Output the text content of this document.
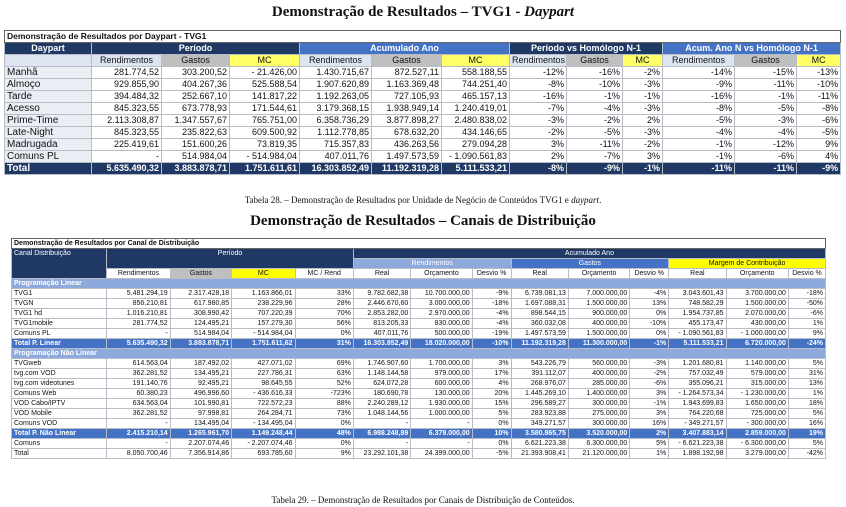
Demonstração de Resultados – TVG1 - Daypart
Demonstração de Resultados por Daypart - TVG1												
Daypart	Período			Acumulado Ano			Período vs Homólogo N-1			Acum. Ano N vs Homólogo N-1		
	Rendimentos	Gastos	MC	Rendimentos	Gastos	MC	Rendimentos	Gastos	MC	Rendimentos	Gastos	MC
Manhã	281.774,52	303.200,52	- 21.426,00	1.430.715,67	872.527,11	558.188,55	-12%	-16%	-2%	-14%	-15%	-13%
Almoço	929.855,90	404.267,36	525.588,54	1.907.620,89	1.163.369,48	744.251,40	-8%	-10%	-3%	-9%	-11%	-10%
Tarde	394.484,32	252.667,10	141.817,22	1.192.263,05	727.105,93	465.157,13	-16%	-1%	-1%	-16%	-1%	-11%
Acesso	845.323,55	673.778,93	171.544,61	3.179.368,15	1.938.949,14	1.240.419,01	-7%	-4%	-3%	-8%	-5%	-8%
Prime-Time	2.113.308,87	1.347.557,67	765.751,00	6.358.736,29	3.877.898,27	2.480.838,02	-3%	-2%	2%	-5%	-3%	-6%
Late-Night	845.323,55	235.822,63	609.500,92	1.112.778,85	678.632,20	434.146,65	-2%	-5%	-3%	-4%	-4%	-5%
Madrugada	225.419,61	151.600,26	73.819,35	715.357,83	436.263,56	279.094,28	3%	-11%	-2%	-1%	-12%	9%
Comuns PL	-	514.984,04	- 514.984,04	407.011,76	1.497.573,59	- 1.090.561,83	2%	-7%	3%	-1%	-6%	4%
Total	5.635.490,32	3.883.878,71	1.751.611,61	16.303.852,49	11.192.319,28	5.111.533,21	-8%	-9%	-1%	-11%	-11%	-9%
Tabela 28. – Demonstração de Resultados por Unidade de Negócio de Conteúdos TVG1 e daypart.
Demonstração de Resultados – Canais de Distribuição
Demonstração de Resultados por Canal de Distribuição													
Canal Distribuição	Período				Acumulado Ano								
					Rendimentos			Gastos			Margem de Contribuição		
	Rendimentos	Gastos	MC	MC / Rend	Real	Orçamento	Desvio %	Real	Orçamento	Desvio %	Real	Orçamento	Desvio %
Programação Linear													
TVG1	5.481.294,19	2.317.428,18	1.163.866,01	33%	9.782.682,38	10.700.000,00	-9%	6.739.081,13	7.000.000,00	-4%	3.043.601,43	3.700.000,00	-18%
TVGN	856.210,81	617.980,85	238.229,96	28%	2.446.670,60	3.000.000,00	-18%	1.697.088,31	1.500.000,00	13%	748.582,29	1.500.000,00	-50%
TVG1 hd	1.016.210,81	308.990,42	707.220,39	70%	2.853.282,00	2.970.000,00	-4%	898.544,15	900.000,00	0%	1.954.737,85	2.070.000,00	-6%
TVG1mobile	281.774,52	124.495,21	157.279,30	56%	813.205,33	830.000,00	-4%	360.032,08	400.000,00	-10%	455.173,47	430.000,00	1%
Comuns PL	-	514.984,04	- 514.984,04	0%	407.011,76	500.000,00	-19%	1.497.573,59	1.500.000,00	0%	- 1.090.561,83	- 1.000.000,00	9%
Total P. Linear	5.635.490,32	3.883.878,71	1.751.611,62	31%	16.303.852,49	18.020.000,00	-10%	11.192.319,28	11.300.000,00	-1%	5.111.533,21	6.720.000,00	-24%
Programação Não Linear													
TVGweb	614.563,04	187.492,02	427.071,02	69%	1.746.907,60	1.700.000,00	3%	543.226,79	560.000,00	-3%	1.201.680,81	1.140.000,00	5%
tvg.com VOD	362.281,52	134.495,21	227.786,31	63%	1.148.144,58	979.000,00	17%	391.112,07	400.000,00	-2%	757.032,49	579.000,00	31%
tvg.com videotunes	191.140,76	92.495,21	98.645,55	52%	624.072,28	600.000,00	4%	268.976,07	285.000,00	-6%	355.096,21	315.000,00	13%
Comuns Web	60.380,23	496.996,60	- 436.616,33	-723%	180.690,78	130.000,00	20%	1.445.269,10	1.400.000,00	3%	- 1.264.573,34	- 1.230.000,00	1%
VOD Cabo/IPTV	634.563,04	101.990,81	722.572,23	88%	2.240.289,12	1.930.000,00	15%	296.589,27	300.000,00	-1%	1.943.699,83	1.650.000,00	18%
VOD Mobile	362.281,52	97.998,81	264.284,71	73%	1.048.144,56	1.000.000,00	5%	283.923,88	275.000,00	3%	764.220,68	725.000,00	5%
Comuns VOD	-	134.495,04	- 134.495,04	0%	-	-	0%	349.271,57	300.000,00	16%	- 349.271,57	- 300.000,00	16%
Total P. Não Linear	2.415.210,14	1.265.961,70	1.149.248,44	48%	6.988.248,89	6.379.000,00	10%	3.580.865,75	3.520.000,00	2%	3.407.883,14	2.859.000,00	19%
Comuns	-	2.207.074,46	- 2.207.074,46	0%	-	-	0%	6.621.223,38	6.300.000,00	5%	- 6.621.223,38	- 6.300.000,00	5%
Total	8.050.700,46	7.356.914,86	693.785,60	9%	23.292.101,38	24.399.000,00	-5%	21.393.908,41	21.120.000,00	1%	1.898.192,98	3.279.000,00	-42%
Tabela 29. – Demonstração de Resultados por Canais de Distribuição de Conteúdos.
